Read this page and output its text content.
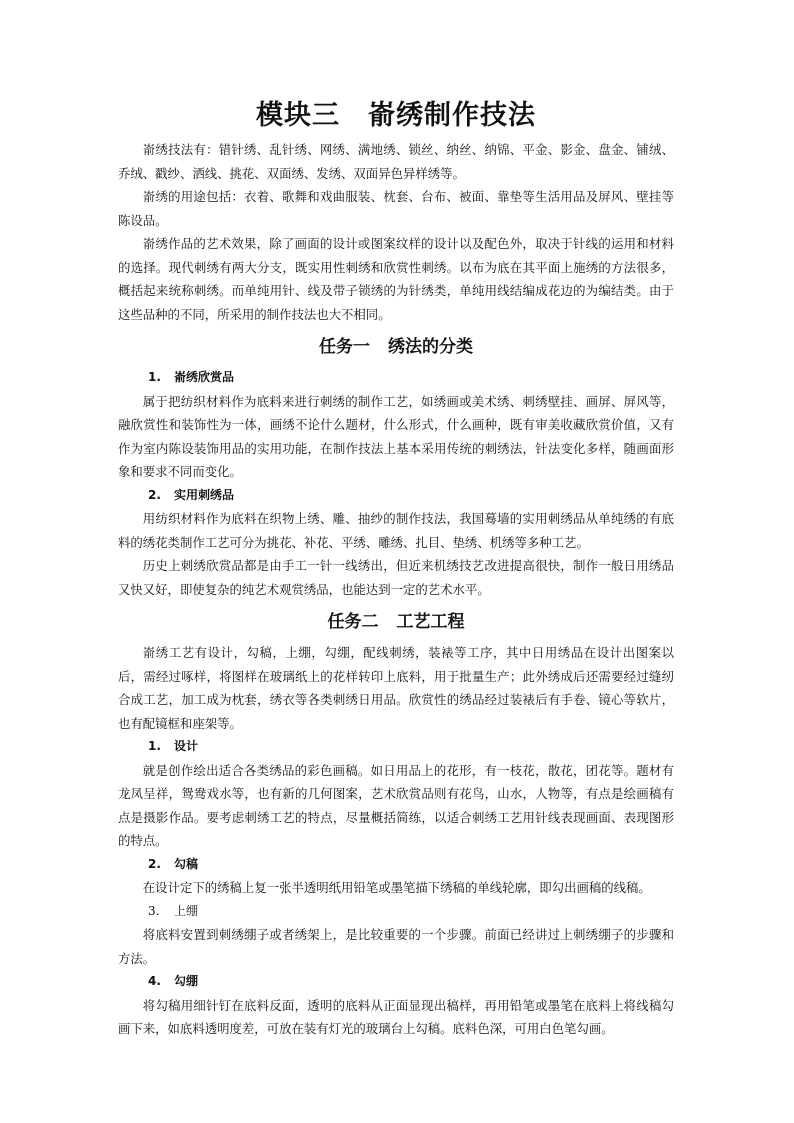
模块三 嵛绣制作技法

嵛绣技法有：错针绣、乱针绣、网绣、满地绣、锁丝、纳丝、纳锦、平金、影金、盘金、铺绒、乔绒、戳纱、洒线、挑花、双面绣、发绣、双面异色异样绣等。

嵛绣的用途包括：衣着、歌舞和戏曲服装、枕套、台布、被面、靠垫等生活用品及屏风、壁挂等陈设品。

嵛绣作品的艺术效果，除了画面的设计或图案纹样的设计以及配色外，取决于针线的运用和材料的选择。现代刺绣有两大分支，既实用性刺绣和欣赏性刺绣。以布为底在其平面上施绣的方法很多，概括起来统称刺绣。而单纯用针、线及带子锁绣的为针绣类，单纯用线结编成花边的为编结类。由于这些品种的不同，所采用的制作技法也大不相同。

任务一 绣法的分类
1. 嵛绣欣赏品

属于把纺织材料作为底料来进行刺绣的制作工艺，如绣画或美术绣、刺绣壁挂、画屏、屏风等，融欣赏性和装饰性为一体，画绣不论什么题材，什么形式，什么画种，既有审美收藏欣赏价值，又有作为室内陈设装饰用品的实用功能，在制作技法上基本采用传统的刺绣法，针法变化多样，随画面形象和要求不同而变化。

2. 实用刺绣品

用纺织材料作为底料在织物上绣、雕、抽纱的制作技法，我国蓦墙的实用刺绣品从单纯绣的有底料的绣花类制作工艺可分为挑花、补花、平绣、雕绣、扎目、垫绣、机绣等多种工艺。

历史上刺绣欣赏品都是由手工一针一线绣出，但近来机绣技艺改进提高很快，制作一般日用绣品又快又好，即使复杂的纯艺术观赏绣品，也能达到一定的艺术水平。

任务二 工艺工程

嵛绣工艺有设计，勾稿，上绷，勾绷，配线刺绣，装裱等工序，其中日用绣品在设计出图案以后，需经过啄样，将图样在玻璃纸上的花样转印上底料，用于批量生产；此外绣成后还需要经过缝纫合成工艺，加工成为枕套，绣衣等各类刺绣日用品。欣赏性的绣品经过装裱后有手卷、镜心等软片，也有配镜框和座架等。

1. 设计

就是创作绘出适合各类绣品的彩色画稿。如日用品上的花形，有一枝花，散花，团花等。题材有龙凤呈祥，鸳鸯戏水等，也有新的几何图案，艺术欣赏品则有花鸟，山水，人物等，有点是绘画稿有点是摄影作品。要考虑刺绣工艺的特点，尽量概括简练，以适合刺绣工艺用针线表现画面、表现图形的特点。

2. 勾稿

在设计定下的绣稿上复一张半透明纸用铅笔或墨笔描下绣稿的单线轮廓，即勾出画稿的线稿。

3. 上绷

将底料安置到刺绣绷子或者绣架上，是比较重要的一个步骤。前面已经讲过上刺绣绷子的步骤和方法。

4. 勾绷

将勾稿用细针钉在底料反面，透明的底料从正面显现出稿样，再用铅笔或墨笔在底料上将线稿勾画下来，如底料透明度差，可放在装有灯光的玻璃台上勾稿。底料色深，可用白色笔勾画。
